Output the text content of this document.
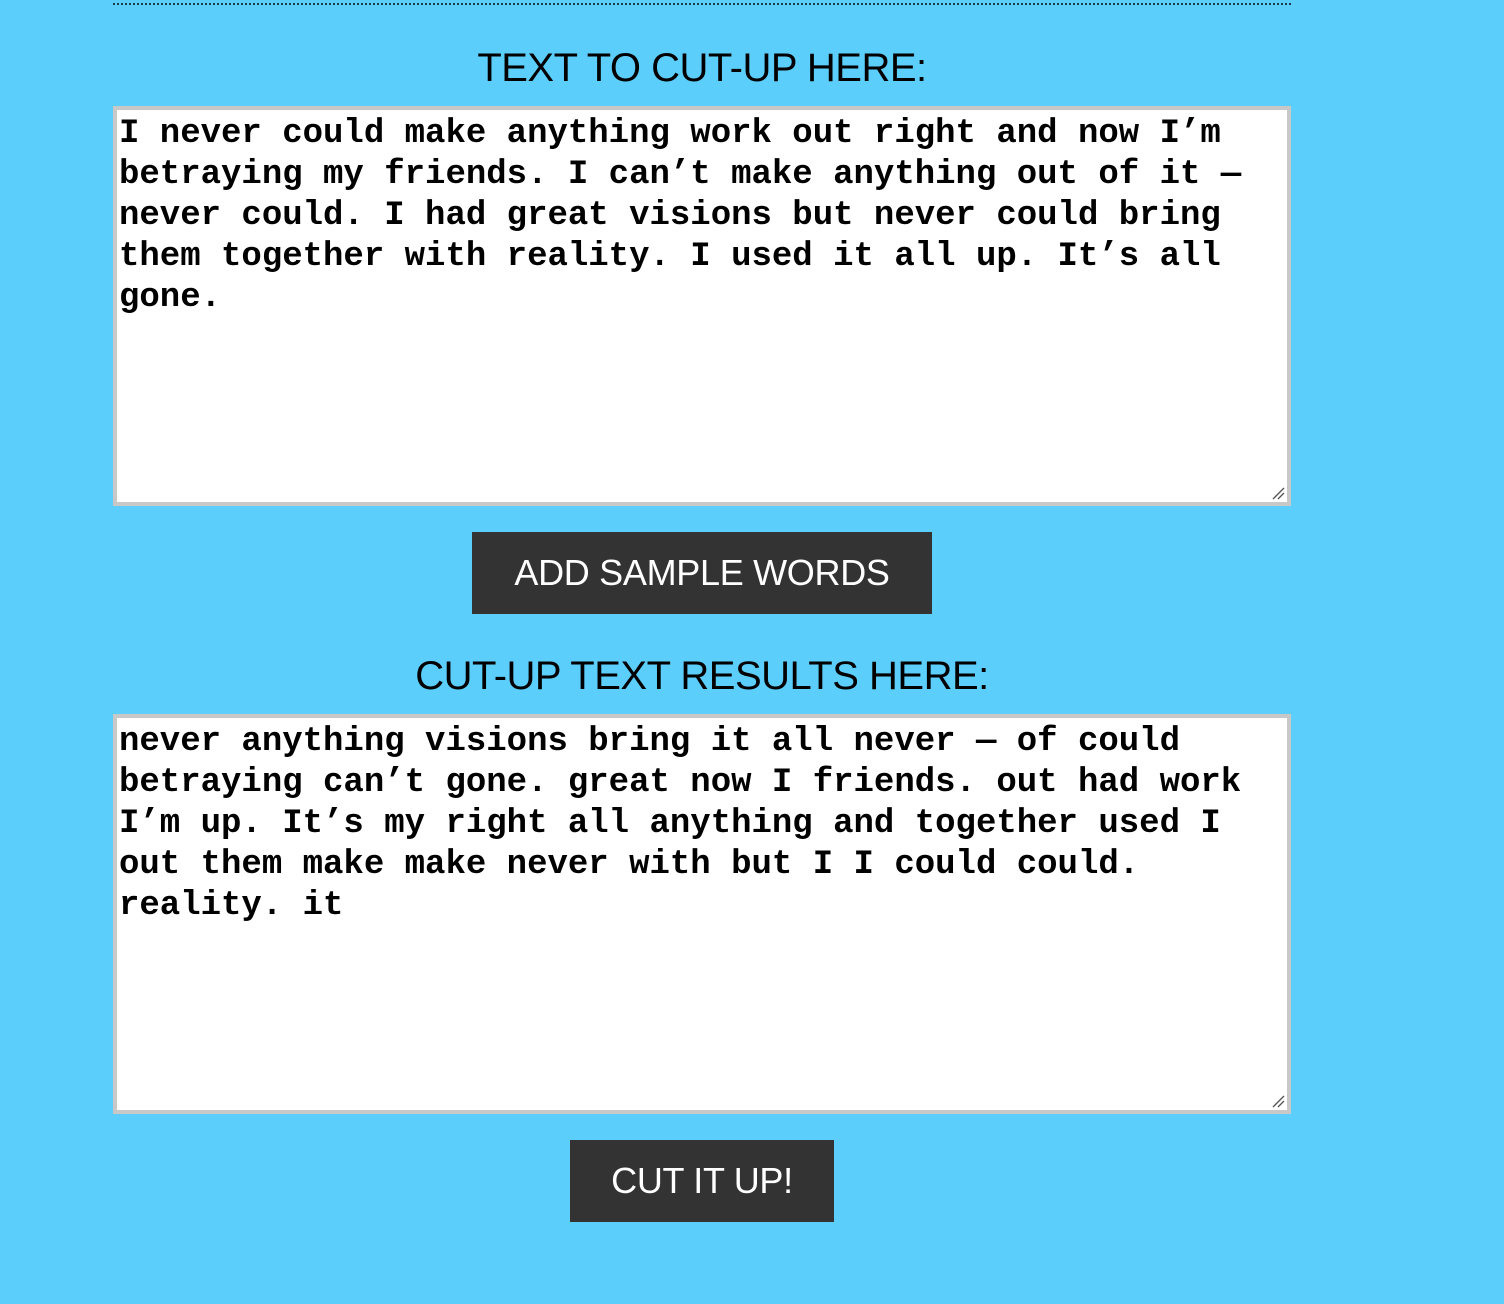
TEXT TO CUT-UP HERE:
I never could make anything work out right and now I’m betraying my friends. I can’t make anything out of it — never could. I had great visions but never could bring them together with reality. I used it all up. It’s all gone.
ADD SAMPLE WORDS
CUT-UP TEXT RESULTS HERE:
never anything visions bring it all never — of could betraying can’t gone. great now I friends. out had work I’m up. It’s my right all anything and together used I out them make make never with but I I could could. reality. it
CUT IT UP!
